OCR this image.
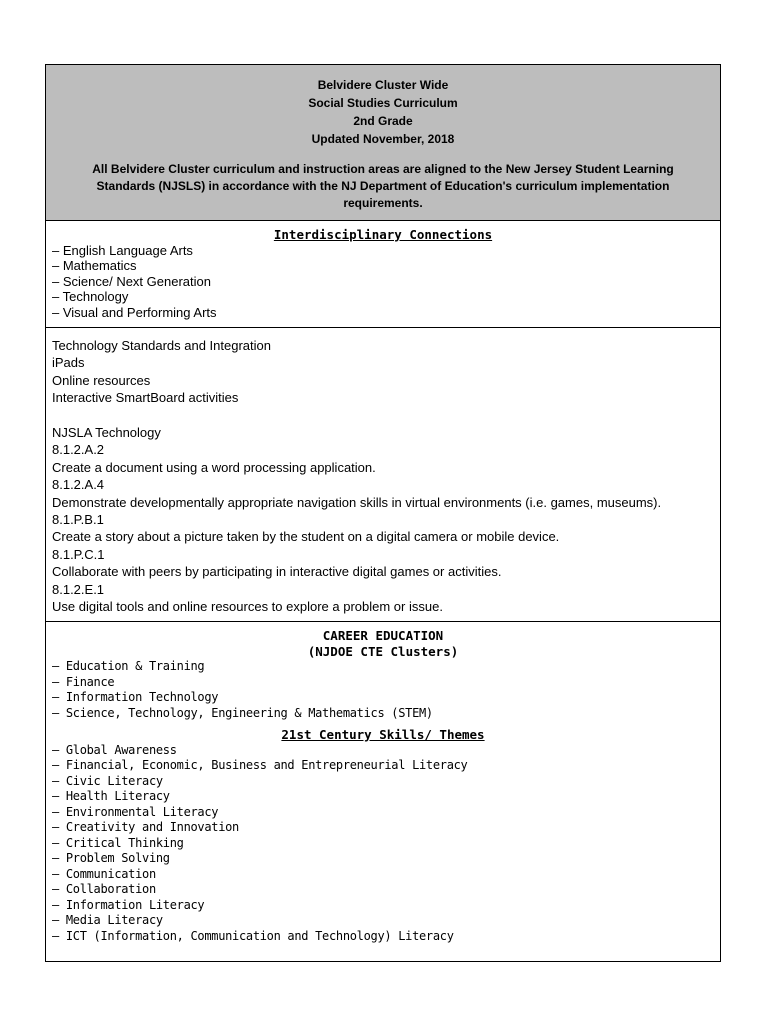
Belvidere Cluster Wide
Social Studies Curriculum
2nd Grade
Updated November, 2018
All Belvidere Cluster curriculum and instruction areas are aligned to the New Jersey Student Learning Standards (NJSLS) in accordance with the NJ Department of Education's curriculum implementation requirements.
Interdisciplinary Connections
– English Language Arts
– Mathematics
– Science/ Next Generation
– Technology
– Visual and Performing Arts
Technology Standards and Integration
iPads
Online resources
Interactive SmartBoard activities
NJSLA Technology
8.1.2.A.2
Create a document using a word processing application.
8.1.2.A.4
Demonstrate developmentally appropriate navigation skills in virtual environments (i.e. games, museums).
8.1.P.B.1
Create a story about a picture taken by the student on a digital camera or mobile device.
8.1.P.C.1
Collaborate with peers by participating in interactive digital games or activities.
8.1.2.E.1
Use digital tools and online resources to explore a problem or issue.
CAREER EDUCATION
(NJDOE CTE Clusters)
– Education & Training
– Finance
– Information Technology
– Science, Technology, Engineering & Mathematics (STEM)
21st Century Skills/ Themes
– Global Awareness
– Financial, Economic, Business and Entrepreneurial Literacy
– Civic Literacy
– Health Literacy
– Environmental Literacy
– Creativity and Innovation
– Critical Thinking
– Problem Solving
– Communication
– Collaboration
– Information Literacy
– Media Literacy
– ICT (Information, Communication and Technology) Literacy
